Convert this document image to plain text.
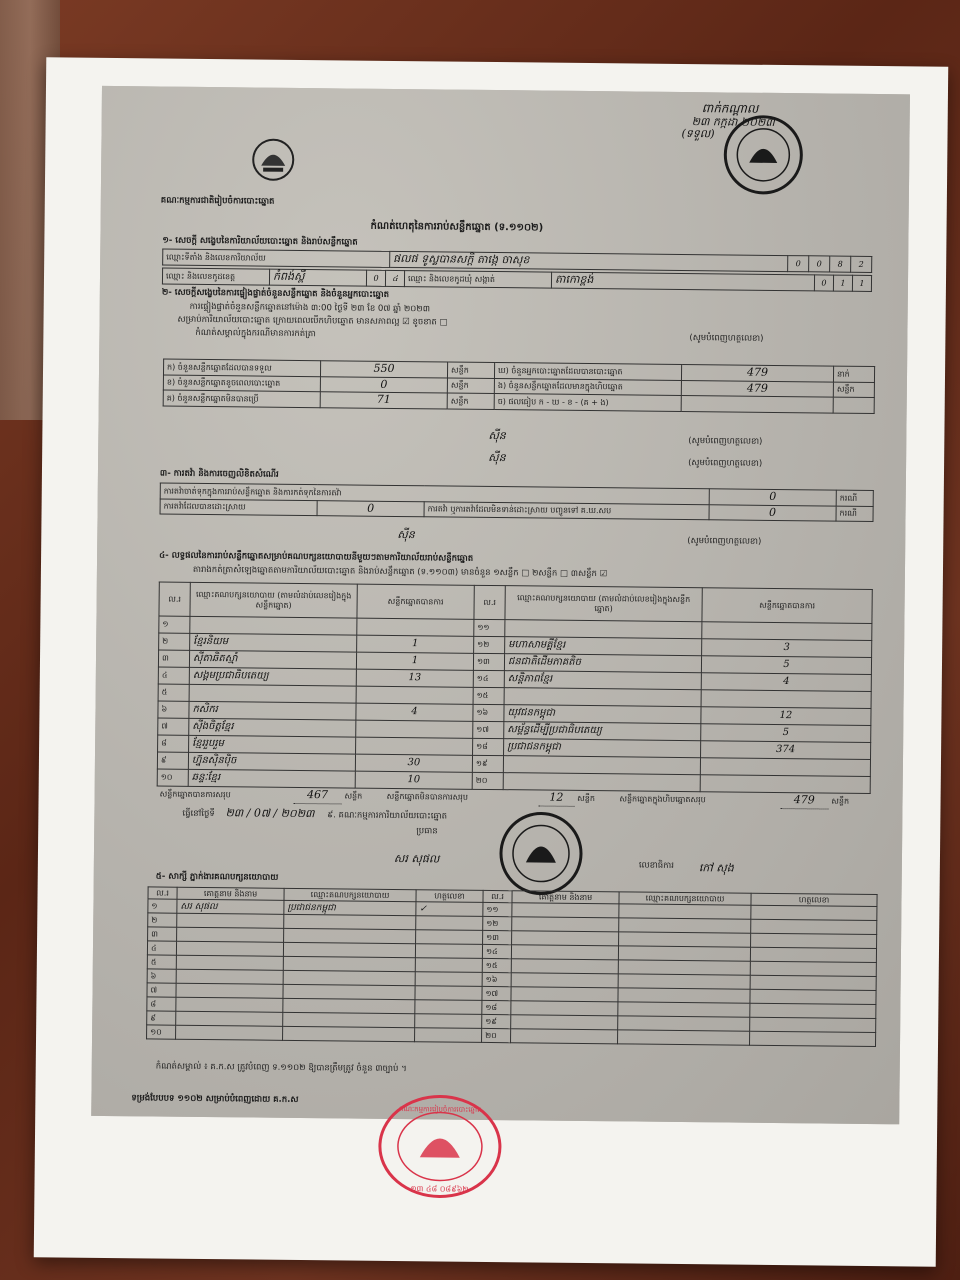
គណៈកម្មការជាតិរៀបចំការបោះឆ្នោត
កំណត់ហេតុនៃការរាប់សន្លឹកឆ្នោត (ទ.១១០២)
ពាក់កណ្តាល
២៣ កក្កដា ២០២៣
(ទទួល)
១- សេចក្តី សង្ខេបនៃការិយាល័យបោះឆ្នោត និងរាប់សន្លឹកឆ្នោត
ឈ្មោះទីតាំង និងលេខការិយាល័យ	ផលផ ទូស្លបានសក្តិ តាង្កេ ចាសុខ	0	0	8	2
ឈ្មោះ និងលេខកូដខេត្ត	កំពង់ស្ពឺ	0	៤	ឈ្មោះ និងលេខកូដឃុំ សង្កាត់	តាកោខ្ពង់	0	1	1
២- សេចក្តីសង្ខេបនៃការផ្ទៀងផ្ទាត់ចំនួនសន្លឹកឆ្នោត និងចំនួនអ្នកបោះឆ្នោត
ការផ្ទៀងផ្ទាត់ចំនួនសន្លឹកឆ្នោតនៅម៉ោង ៣:00 ថ្ងៃទី ២៣ ខែ 0៧ ឆ្នាំ ២០២៣
សម្រាប់ការិយាល័យបោះឆ្នោត ក្រោយពេលបើកហិបឆ្នោត មានសភាពល្អ ☑ ខូចខាត □
កំណត់សម្គាល់ក្នុងករណីមានការកត់ត្រា	(សូមបំពេញហត្ថលេខា)
ក) ចំនួនសន្លឹកឆ្នោតដែលបានទទួល	550	សន្លឹក	ឃ) ចំនួនអ្នកបោះឆ្នោតដែលបានបោះឆ្នោត	479	នាក់
ខ) ចំនួនសន្លឹកឆ្នោតខូចពេលបោះឆ្នោត	0	សន្លឹក	ង) ចំនួនសន្លឹកឆ្នោតដែលមានក្នុងហិបឆ្នោត	479	សន្លឹក
គ) ចំនួនសន្លឹកឆ្នោតមិនបានប្រើ	71	សន្លឹក	ច) ផលធៀប ក - ឃ - ខ - (គ + ង)		
ស៊ីន	(សូមបំពេញហត្ថលេខា)
ស៊ីន	(សូមបំពេញហត្ថលេខា)
៣- ការតវ៉ា និងការចេញលិខិតសំណើរ
ការតវ៉ាចាត់ទុកក្នុងការរាប់សន្លឹកឆ្នោត និងការកត់ទុកនៃការតវ៉ា			0	ករណី
ការតវ៉ាដែលបានដោះស្រាយ	0	ការតវ៉ា ឬការតវ៉ាដែលមិនទាន់ដោះស្រាយ បញ្ជូនទៅ គ.ឃ.សប	0	ករណី
ស៊ីន
(សូមបំពេញហត្ថលេខា)
៤- លទ្ធផលនៃការរាប់សន្លឹកឆ្នោតសម្រាប់គណបក្សនយោបាយនីមួយៗតាមការិយាល័យរាប់សន្លឹកឆ្នោត
តារាងកត់ត្រាសំឡេងឆ្នោតតាមការិយាល័យបោះឆ្នោត និងរាប់សន្លឹកឆ្នោត (ទ.១១០៣) មានចំនួន ១សន្លឹក □ ២សន្លឹក □ ៣សន្លឹក ☑
ល.រ	ឈ្មោះគណបក្សនយោបាយ (តាមលំដាប់លេខរៀងក្នុងសន្លឹកឆ្នោត)	សន្លឹកឆ្នោតបានការ	ល.រ	ឈ្មោះគណបក្សនយោបាយ (តាមលំដាប់លេខរៀងក្នុងសន្លឹកឆ្នោត)	សន្លឹកឆ្នោតបានការ
១			១១		
២	ខ្មែរនិយម	1	១២	មហាសាមគ្គីខ្មែរ	3
៣	ស៊ីតាឆិតស្មាំ	1	១៣	ជនជាតិដើមភាគតិច	5
៤	សង្គមប្រជាធិបតេយ្យ	13	១៤	សន្តិភាពខ្មែរ	4
៥			១៥		
៦	កសិករ	4	១៦	យុវជនកម្ពុជា	12
៧	ស៊ីងចិត្តខ្មែរ		១៧	សម្ព័ន្ធដើម្បីប្រជាធិបតេយ្យ	5
៨	ខ្មែររួបរួម		១៨	ប្រជាជនកម្ពុជា	374
៩	ហ្វ៊ុនស៊ិនប៉ិច	30	១៩		
១០	ឆន្ទៈខ្មែរ	10	២០		
សន្លឹកឆ្នោតបានការសរុប	467	សន្លឹក	សន្លឹកឆ្នោតមិនបានការសរុប	12	សន្លឹក	សន្លឹកឆ្នោតក្នុងហិបឆ្នោតសរុប	479	សន្លឹក
ធ្វើនៅថ្ងៃទី ២៣ / 0៧ / ២០២៣ ៩. គណៈកម្មការការិយាល័យបោះឆ្នោត
ប្រធាន
សរ សុផល
លេខាធិការ កៅ សុង
៥- សាក្សី ភ្នាក់ងារគណបក្សនយោបាយ
ល.រ	គោត្តនាម និងនាម	ឈ្មោះគណបក្សនយោបាយ	ហត្ថលេខា	ល.រ	គោត្តនាម និងនាម	ឈ្មោះគណបក្សនយោបាយ	ហត្ថលេខា
១	សរ សុផល	ប្រជាជនកម្ពុជា	✓	១១			
២				១២			
៣				១៣			
៤				១៤			
៥				១៥			
៦				១៦			
៧				១៧			
៨				១៨			
៩				១៩			
១០				២០			
កំណត់សម្គាល់ ៖ គ.ក.ស ត្រូវបំពេញ ទ.១១០២ ឱ្យបានត្រឹមត្រូវ ចំនួន ៣ច្បាប់ ។
ទម្រង់បែបបទ ១១០២ សម្រាប់បំពេញដោយ គ.ក.ស
គណៈកម្មការរៀបចំការបោះឆ្នោត
១៣ ៤៨ ០៨៩៦២
